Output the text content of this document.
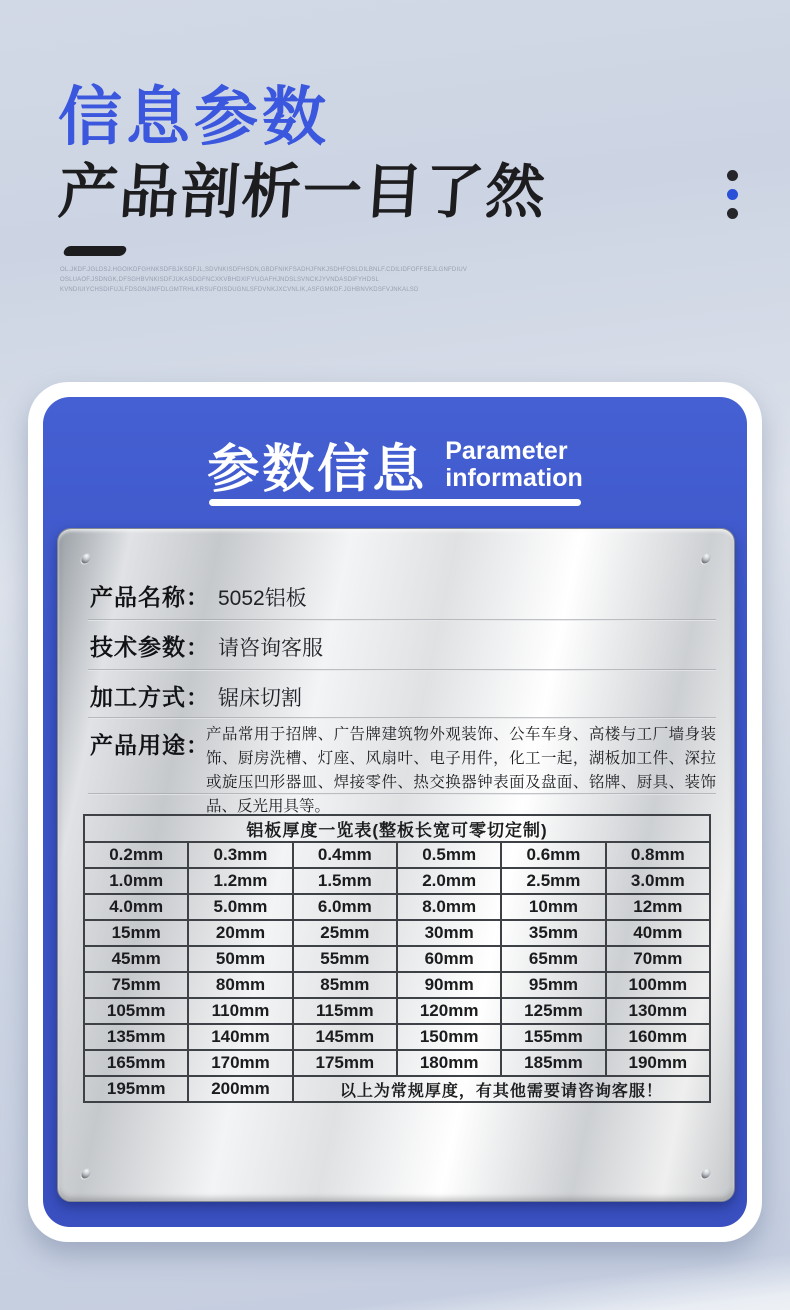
信息参数
产品剖析一目了然
OL.JKDF.JGLDSJ.HGOIKDFGHNKSDFBJKSDFJL,SDVNKISDFHSDN,GBDFNIKFSADHJFNKJSDHFOSLDILBNLF.CDILIDFOFFSEJLGNFDIUV
OSLUAOF.JSDNGK,DFSGHBVNKISDFJUKASDGFNCXKVBHDXIFYUGAFHJNDSLSVNCKJYVNDASDIFYHDSL
KVNDIUIYCHSDIFUJLFDSGNJIMFDLGMTRHLKRSUFOISDUGNLSFDVNKJXCVNLIK,ASFGMKDF.JGHBNVKDSFVJNKALSD
参数信息 Parameter
information
产品名称： 5052铝板
技术参数： 请咨询客服
加工方式： 锯床切割
产品用途：
产品常用于招牌、广告牌建筑物外观装饰、公车车身、高楼与工厂墙身装饰、厨房洗槽、灯座、风扇叶、电子用件，化工一起，湖板加工件、深拉或旋压凹形器皿、焊接零件、热交换器钟表面及盘面、铭牌、厨具、装饰品、反光用具等。
铝板厚度一览表(整板长宽可零切定制)					
0.2mm	0.3mm	0.4mm	0.5mm	0.6mm	0.8mm
1.0mm	1.2mm	1.5mm	2.0mm	2.5mm	3.0mm
4.0mm	5.0mm	6.0mm	8.0mm	10mm	12mm
15mm	20mm	25mm	30mm	35mm	40mm
45mm	50mm	55mm	60mm	65mm	70mm
75mm	80mm	85mm	90mm	95mm	100mm
105mm	110mm	115mm	120mm	125mm	130mm
135mm	140mm	145mm	150mm	155mm	160mm
165mm	170mm	175mm	180mm	185mm	190mm
195mm	200mm	以上为常规厚度，有其他需要请咨询客服！			
